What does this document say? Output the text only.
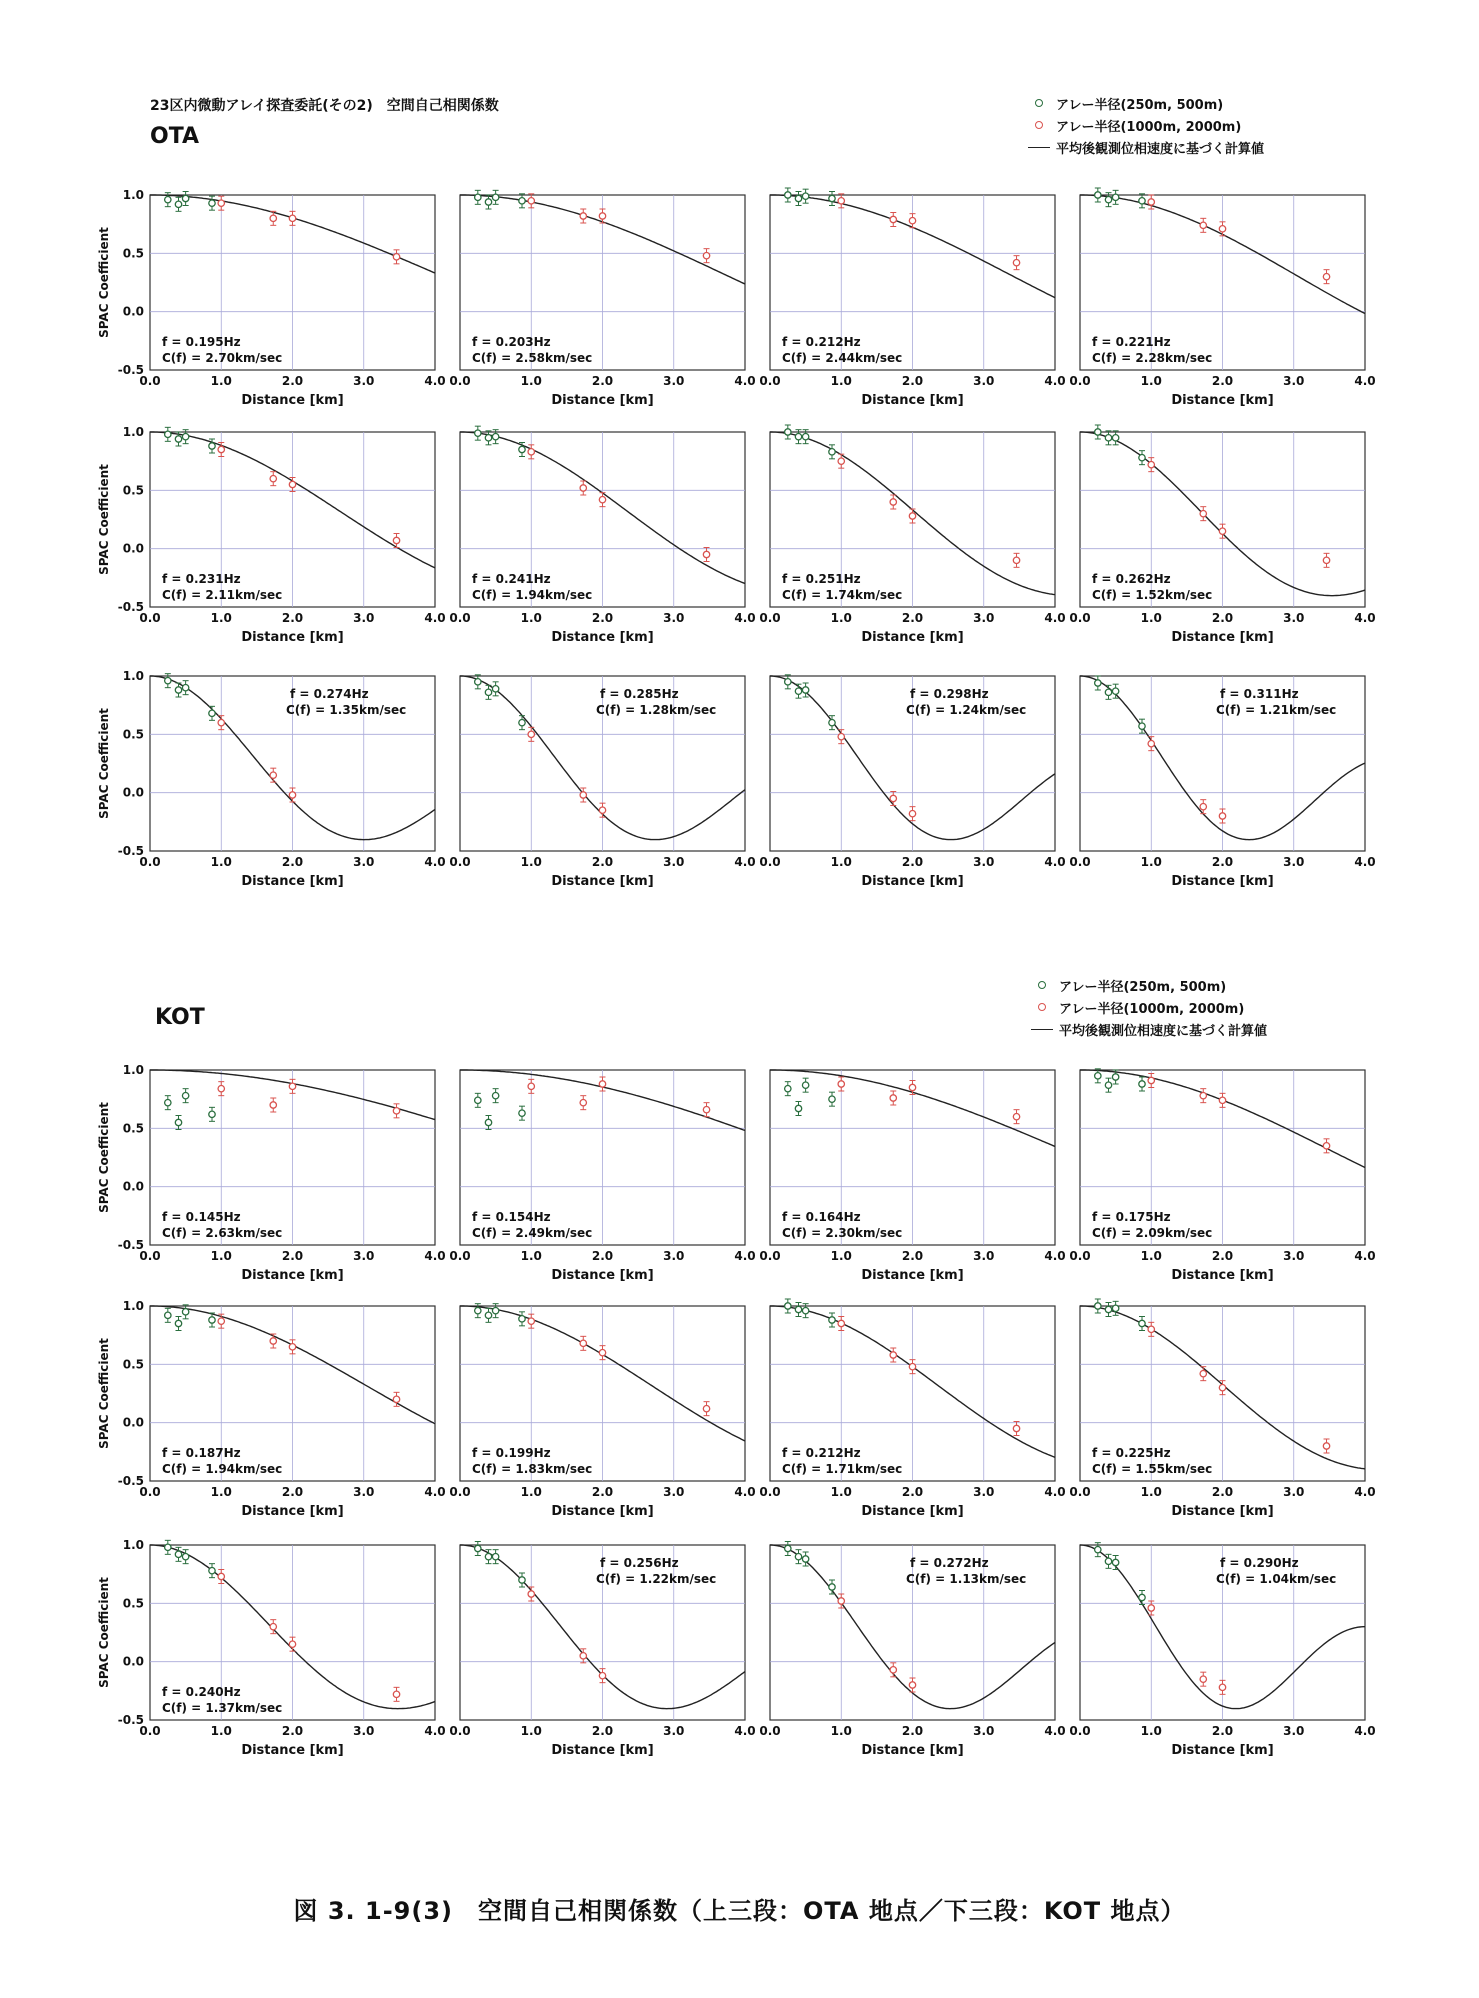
23区内微動アレイ探査委託(その2)　空間自己相関係数
OTA
KOT
アレー半径(250m, 500m)
アレー半径(1000m, 2000m)
平均後観測位相速度に基づく計算値
アレー半径(250m, 500m)
アレー半径(1000m, 2000m)
平均後観測位相速度に基づく計算値
0.0	1.0	2.0	3.0	4.0
Distance [km]
1.0
0.5
0.0
-0.5
SPAC Coefficient
f = 0.195Hz
C(f) = 2.70km/sec
0.0	1.0	2.0	3.0	4.0
Distance [km]
f = 0.203Hz
C(f) = 2.58km/sec
0.0	1.0	2.0	3.0	4.0
Distance [km]
f = 0.212Hz
C(f) = 2.44km/sec
0.0	1.0	2.0	3.0	4.0
Distance [km]
f = 0.221Hz
C(f) = 2.28km/sec
0.0	1.0	2.0	3.0	4.0
Distance [km]
1.0
0.5
0.0
-0.5
SPAC Coefficient
f = 0.231Hz
C(f) = 2.11km/sec
0.0	1.0	2.0	3.0	4.0
Distance [km]
f = 0.241Hz
C(f) = 1.94km/sec
0.0	1.0	2.0	3.0	4.0
Distance [km]
f = 0.251Hz
C(f) = 1.74km/sec
0.0	1.0	2.0	3.0	4.0
Distance [km]
f = 0.262Hz
C(f) = 1.52km/sec
0.0	1.0	2.0	3.0	4.0
Distance [km]
1.0
0.5
0.0
-0.5
SPAC Coefficient
f = 0.274Hz
C(f) = 1.35km/sec
0.0	1.0	2.0	3.0	4.0
Distance [km]
f = 0.285Hz
C(f) = 1.28km/sec
0.0	1.0	2.0	3.0	4.0
Distance [km]
f = 0.298Hz
C(f) = 1.24km/sec
0.0	1.0	2.0	3.0	4.0
Distance [km]
f = 0.311Hz
C(f) = 1.21km/sec
0.0	1.0	2.0	3.0	4.0
Distance [km]
1.0
0.5
0.0
-0.5
SPAC Coefficient
f = 0.145Hz
C(f) = 2.63km/sec
0.0	1.0	2.0	3.0	4.0
Distance [km]
f = 0.154Hz
C(f) = 2.49km/sec
0.0	1.0	2.0	3.0	4.0
Distance [km]
f = 0.164Hz
C(f) = 2.30km/sec
0.0	1.0	2.0	3.0	4.0
Distance [km]
f = 0.175Hz
C(f) = 2.09km/sec
0.0	1.0	2.0	3.0	4.0
Distance [km]
1.0
0.5
0.0
-0.5
SPAC Coefficient
f = 0.187Hz
C(f) = 1.94km/sec
0.0	1.0	2.0	3.0	4.0
Distance [km]
f = 0.199Hz
C(f) = 1.83km/sec
0.0	1.0	2.0	3.0	4.0
Distance [km]
f = 0.212Hz
C(f) = 1.71km/sec
0.0	1.0	2.0	3.0	4.0
Distance [km]
f = 0.225Hz
C(f) = 1.55km/sec
0.0	1.0	2.0	3.0	4.0
Distance [km]
1.0
0.5
0.0
-0.5
SPAC Coefficient
f = 0.240Hz
C(f) = 1.37km/sec
0.0	1.0	2.0	3.0	4.0
Distance [km]
f = 0.256Hz
C(f) = 1.22km/sec
0.0	1.0	2.0	3.0	4.0
Distance [km]
f = 0.272Hz
C(f) = 1.13km/sec
0.0	1.0	2.0	3.0	4.0
Distance [km]
f = 0.290Hz
C(f) = 1.04km/sec
図 3. 1-9(3)　空間自己相関係数（上三段：OTA 地点／下三段：KOT 地点）
